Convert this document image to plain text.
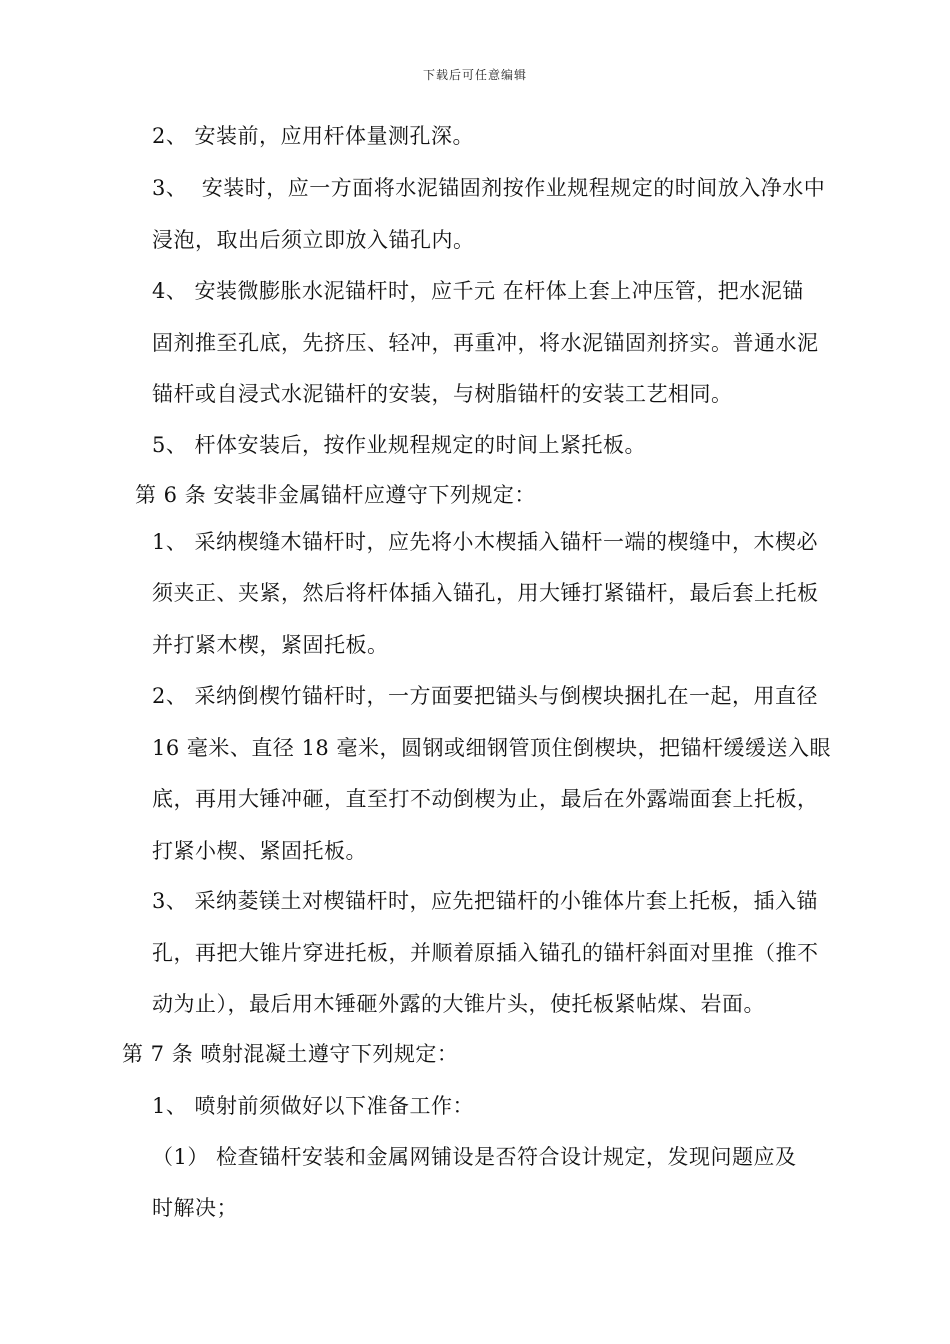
下载后可任意编辑
2、 安装前，应用杆体量测孔深。
3、  安装时，应一方面将水泥锚固剂按作业规程规定的时间放入净水中
浸泡，取出后须立即放入锚孔内。
4、 安装微膨胀水泥锚杆时，应千元 在杆体上套上冲压管，把水泥锚
固剂推至孔底，先挤压、轻冲，再重冲，将水泥锚固剂挤实。普通水泥
锚杆或自浸式水泥锚杆的安装，与树脂锚杆的安装工艺相同。
5、 杆体安装后，按作业规程规定的时间上紧托板。
第 6 条 安装非金属锚杆应遵守下列规定：
1、 采纳楔缝木锚杆时，应先将小木楔插入锚杆一端的楔缝中，木楔必
须夹正、夹紧，然后将杆体插入锚孔，用大锤打紧锚杆，最后套上托板
并打紧木楔，紧固托板。
2、 采纳倒楔竹锚杆时，一方面要把锚头与倒楔块捆扎在一起，用直径
16 毫米、直径 18 毫米，圆钢或细钢管顶住倒楔块，把锚杆缓缓送入眼
底，再用大锤冲砸，直至打不动倒楔为止，最后在外露端面套上托板，
打紧小楔、紧固托板。
3、 采纳菱镁土对楔锚杆时，应先把锚杆的小锥体片套上托板，插入锚
孔，再把大锥片穿进托板，并顺着原插入锚孔的锚杆斜面对里推（推不
动为止），最后用木锤砸外露的大锥片头，使托板紧帖煤、岩面。
第 7 条 喷射混凝土遵守下列规定：
1、 喷射前须做好以下准备工作：
（1） 检查锚杆安装和金属网铺设是否符合设计规定，发现问题应及
时解决；
